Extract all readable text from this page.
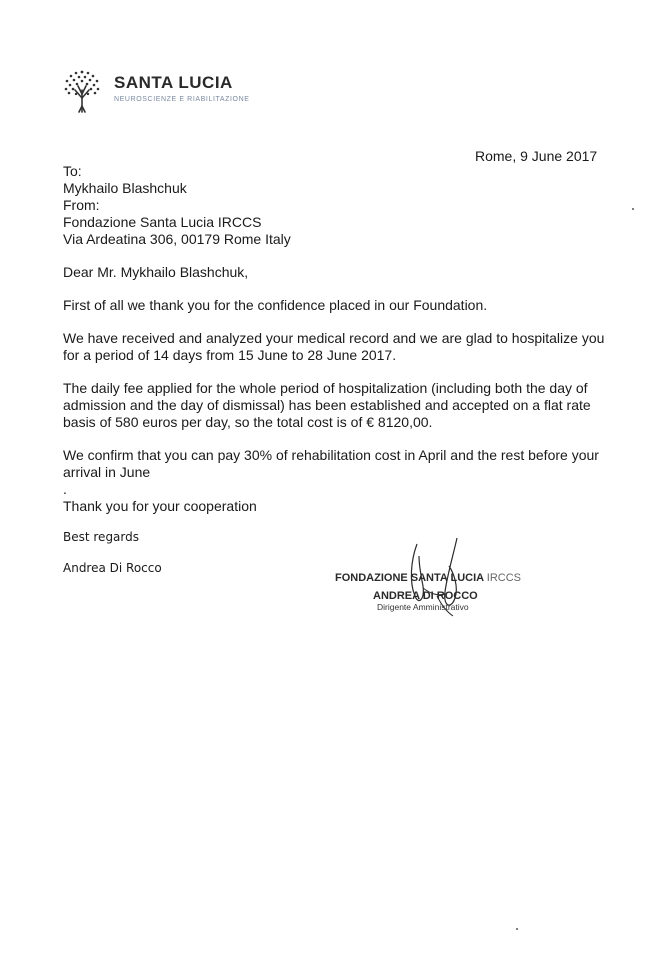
SANTA LUCIA
NEUROSCIENZE E RIABILITAZIONE
Rome, 9 June 2017

To:

Mykhailo Blashchuk

From:

Fondazione Santa Lucia IRCCS

Via Ardeatina 306, 00179 Rome Italy

Dear Mr. Mykhailo Blashchuk,

First of all we thank you for the confidence placed in our Foundation.

We have received and analyzed your medical record and we are glad to hospitalize you for a period of 14 days from 15 June to 28 June 2017.

The daily fee applied for the whole period of hospitalization (including both the day of admission and the day of dismissal) has been established and accepted on a flat rate basis of 580 euros per day, so the total cost is of € 8120,00.

We confirm that you can pay 30% of rehabilitation cost in April and the rest before your arrival in June

.

Thank you for your cooperation

Best regards

Andrea Di Rocco

FONDAZIONE SANTA LUCIA IRCCS
ANDREA DI ROCCO
Dirigente Amministrativo
